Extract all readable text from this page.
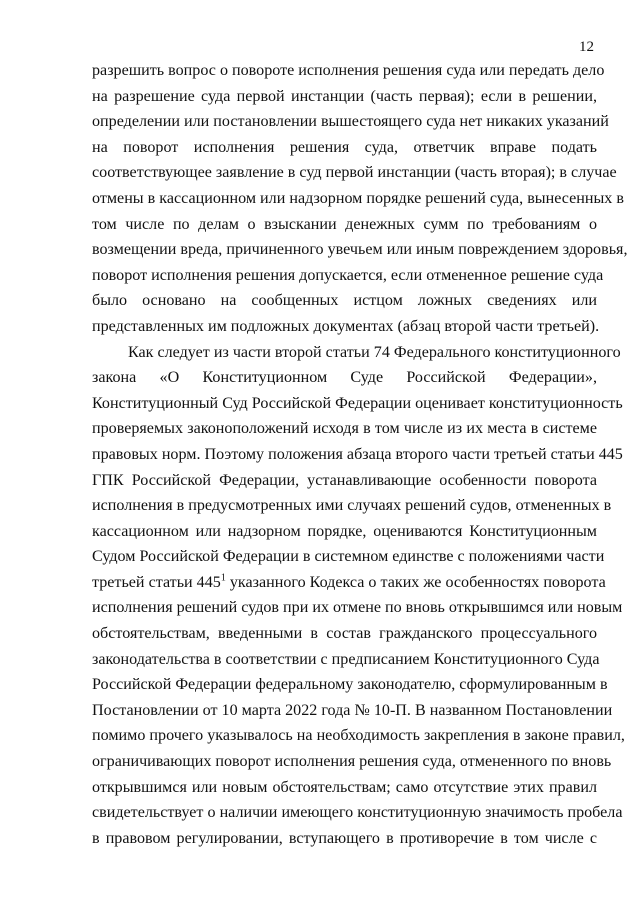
12
разрешить вопрос о повороте исполнения решения суда или передать дело
на разрешение суда первой инстанции (часть первая); если в решении,
определении или постановлении вышестоящего суда нет никаких указаний
на поворот исполнения решения суда, ответчик вправе подать
соответствующее заявление в суд первой инстанции (часть вторая); в случае
отмены в кассационном или надзорном порядке решений суда, вынесенных в
том числе по делам о взыскании денежных сумм по требованиям о
возмещении вреда, причиненного увечьем или иным повреждением здоровья,
поворот исполнения решения допускается, если отмененное решение суда
было основано на сообщенных истцом ложных сведениях или
представленных им подложных документах (абзац второй части третьей).
Как следует из части второй статьи 74 Федерального конституционного
закона «О Конституционном Суде Российской Федерации»,
Конституционный Суд Российской Федерации оценивает конституционность
проверяемых законоположений исходя в том числе из их места в системе
правовых норм. Поэтому положения абзаца второго части третьей статьи 445
ГПК Российской Федерации, устанавливающие особенности поворота
исполнения в предусмотренных ими случаях решений судов, отмененных в
кассационном или надзорном порядке, оцениваются Конституционным
Судом Российской Федерации в системном единстве с положениями части
третьей статьи $445^1$ указанного Кодекса о таких же особенностях поворота
исполнения решений судов при их отмене по вновь открывшимся или новым
обстоятельствам, введенными в состав гражданского процессуального
законодательства в соответствии с предписанием Конституционного Суда
Российской Федерации федеральному законодателю, сформулированным в
Постановлении от 10 марта 2022 года № 10-П. В названном Постановлении
помимо прочего указывалось на необходимость закрепления в законе правил,
ограничивающих поворот исполнения решения суда, отмененного по вновь
открывшимся или новым обстоятельствам; само отсутствие этих правил
свидетельствует о наличии имеющего конституционную значимость пробела
в правовом регулировании, вступающего в противоречие в том числе с
